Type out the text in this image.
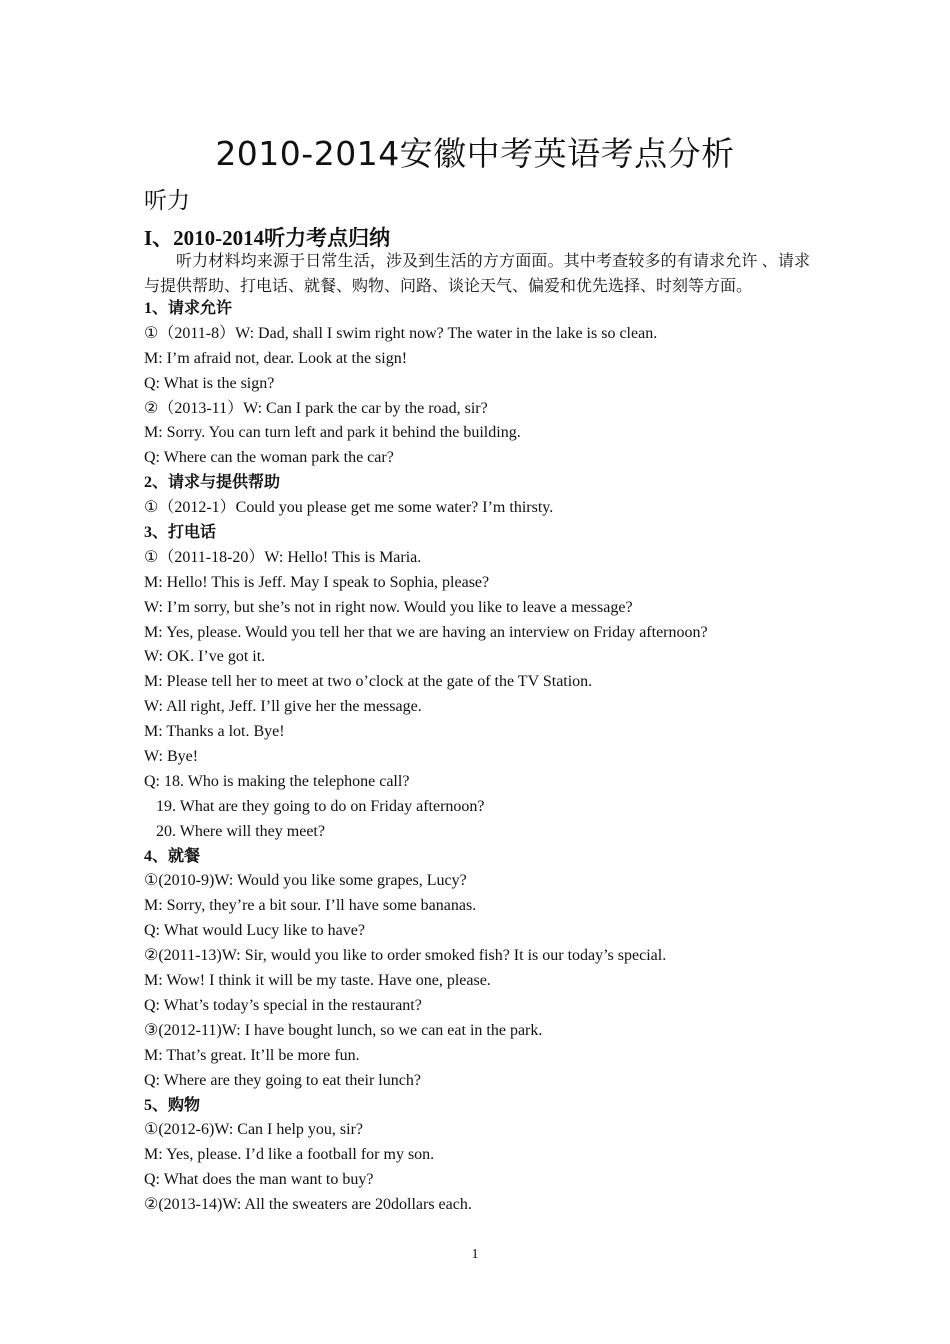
2010-2014安徽中考英语考点分析
听力
I、2010-2014听力考点归纳
听力材料均来源于日常生活，涉及到生活的方方面面。其中考查较多的有请求允许 、请求与提供帮助、打电话、就餐、购物、问路、谈论天气、偏爱和优先选择、时刻等方面。
1、请求允许
①（2011-8）W: Dad, shall I swim right now? The water in the lake is so clean.
M: I’m afraid not, dear. Look at the sign!
Q: What is the sign?
②（2013-11）W: Can I park the car by the road, sir?
M: Sorry. You can turn left and park it behind the building.
Q: Where can the woman park the car?
2、请求与提供帮助
①（2012-1）Could you please get me some water? I’m thirsty.
3、打电话
①（2011-18-20）W: Hello! This is Maria.
M: Hello! This is Jeff. May I speak to Sophia, please?
W: I’m sorry, but she’s not in right now. Would you like to leave a message?
M: Yes, please. Would you tell her that we are having an interview on Friday afternoon?
W: OK. I’ve got it.
M: Please tell her to meet at two o’clock at the gate of the TV Station.
W: All right, Jeff. I’ll give her the message.
M: Thanks a lot. Bye!
W: Bye!
Q: 18. Who is making the telephone call?
19. What are they going to do on Friday afternoon?
20. Where will they meet?
4、就餐
①(2010-9)W: Would you like some grapes, Lucy?
M: Sorry, they’re a bit sour. I’ll have some bananas.
Q: What would Lucy like to have?
②(2011-13)W: Sir, would you like to order smoked fish? It is our today’s special.
M: Wow! I think it will be my taste. Have one, please.
Q: What’s today’s special in the restaurant?
③(2012-11)W: I have bought lunch, so we can eat in the park.
M: That’s great. It’ll be more fun.
Q: Where are they going to eat their lunch?
5、购物
①(2012-6)W: Can I help you, sir?
M: Yes, please. I’d like a football for my son.
Q: What does the man want to buy?
②(2013-14)W: All the sweaters are 20dollars each.
1
